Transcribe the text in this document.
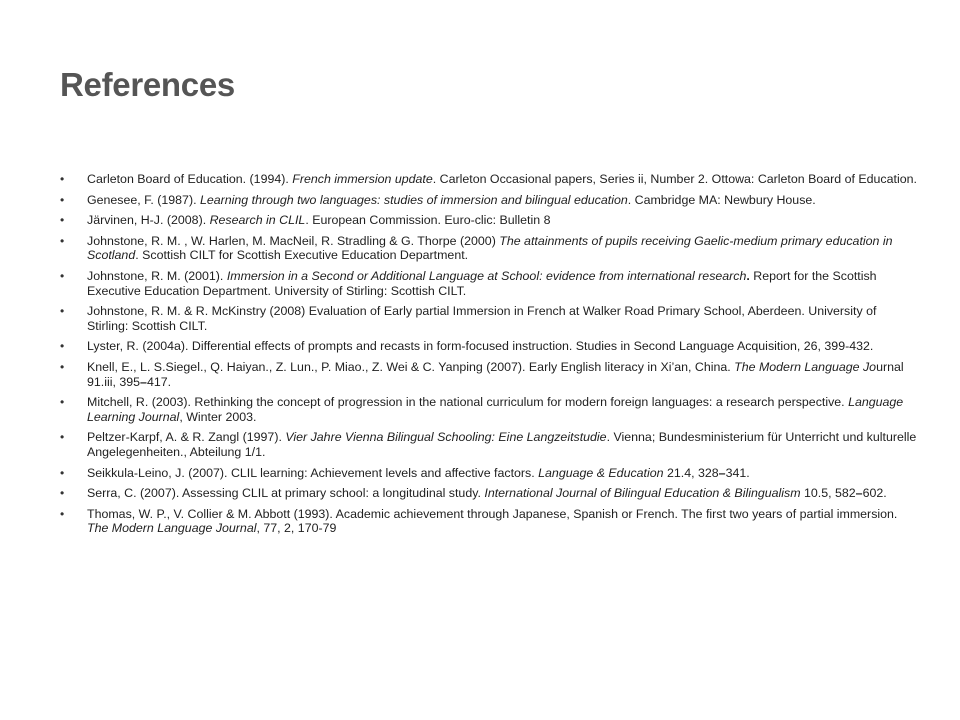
References
• Carleton Board of Education. (1994). French immersion update. Carleton Occasional papers, Series ii, Number 2. Ottowa: Carleton Board of Education.
• Genesee, F. (1987). Learning through two languages: studies of immersion and bilingual education. Cambridge MA: Newbury House.
• Järvinen, H-J. (2008). Research in CLIL. European Commission. Euro-clic: Bulletin 8
• Johnstone, R. M. , W. Harlen, M. MacNeil, R. Stradling & G. Thorpe (2000) The attainments of pupils receiving Gaelic-medium primary education in Scotland. Scottish CILT for Scottish Executive Education Department.
• Johnstone, R. M. (2001). Immersion in a Second or Additional Language at School: evidence from international research. Report for the Scottish Executive Education Department. University of Stirling: Scottish CILT.
• Johnstone, R. M. & R. McKinstry (2008) Evaluation of Early partial Immersion in French at Walker Road Primary School, Aberdeen. University of Stirling: Scottish CILT.
• Lyster, R. (2004a). Differential effects of prompts and recasts in form-focused instruction. Studies in Second Language Acquisition, 26, 399-432.
• Knell, E., L. S.Siegel., Q. Haiyan., Z. Lun., P. Miao., Z. Wei & C. Yanping (2007). Early English literacy in Xi’an, China. The Modern Language Journal 91.iii, 395–417.
• Mitchell, R. (2003). Rethinking the concept of progression in the national curriculum for modern foreign languages: a research perspective. Language Learning Journal, Winter 2003.
• Peltzer-Karpf, A. & R. Zangl (1997). Vier Jahre Vienna Bilingual Schooling: Eine Langzeitstudie. Vienna; Bundesministerium für Unterricht und kulturelle Angelegenheiten., Abteilung 1/1.
• Seikkula-Leino, J. (2007). CLIL learning: Achievement levels and affective factors. Language & Education 21.4, 328–341.
• Serra, C. (2007). Assessing CLIL at primary school: a longitudinal study. International Journal of Bilingual Education & Bilingualism 10.5, 582–602.
• Thomas, W. P., V. Collier & M. Abbott (1993). Academic achievement through Japanese, Spanish or French. The first two years of partial immersion. The Modern Language Journal, 77, 2, 170-79
